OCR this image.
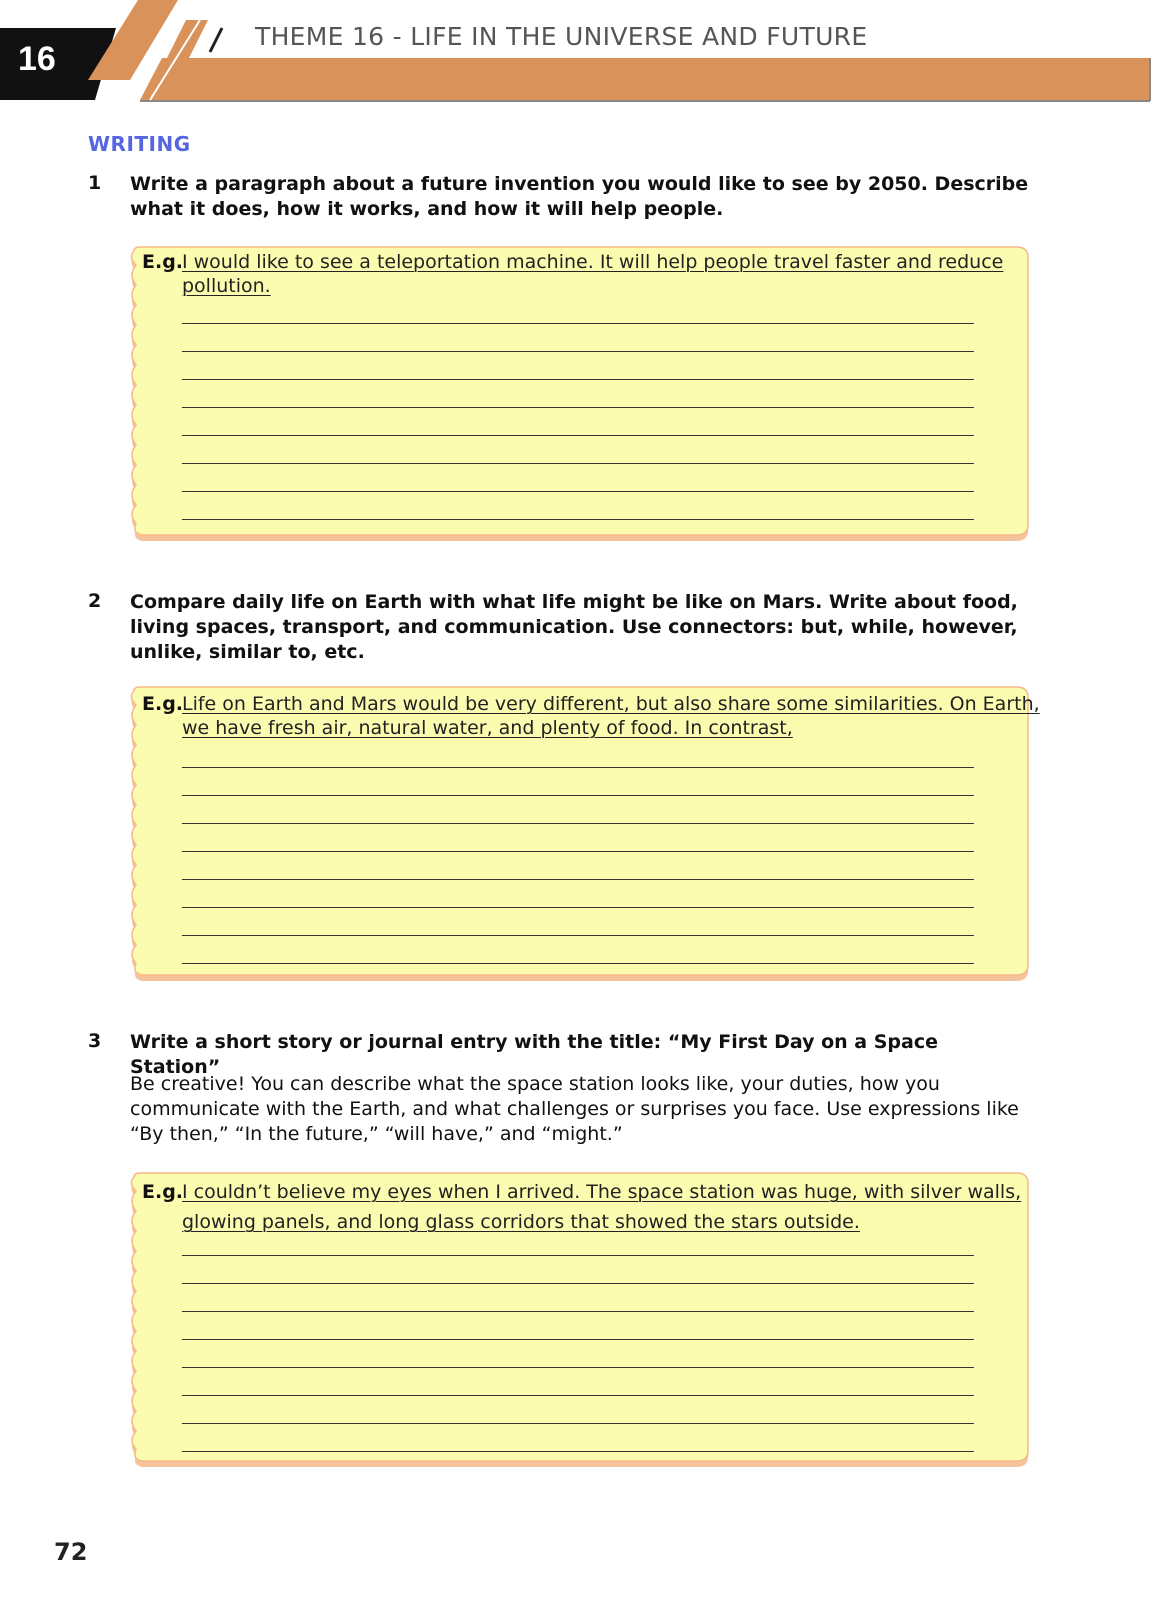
16
THEME 16 - LIFE IN THE UNIVERSE AND FUTURE
WRITING
1 Write a paragraph about a future invention you would like to see by 2050. Describe what it does, how it works, and how it will help people.
E.g.
I would like to see a teleportation machine. It will help people travel faster and reduce
pollution.
2 Compare daily life on Earth with what life might be like on Mars. Write about food, living spaces, transport, and communication. Use connectors: but, while, however, unlike, similar to, etc.
E.g.
Life on Earth and Mars would be very different, but also share some similarities. On Earth,
we have fresh air, natural water, and plenty of food. In contrast,
3 Write a short story or journal entry with the title: “My First Day on a Space Station”
Be creative! You can describe what the space station looks like, your duties, how you communicate with the Earth, and what challenges or surprises you face. Use expressions like “By then,” “In the future,” “will have,” and “might.”
E.g.
I couldn’t believe my eyes when I arrived. The space station was huge, with silver walls,
glowing panels, and long glass corridors that showed the stars outside.
72
